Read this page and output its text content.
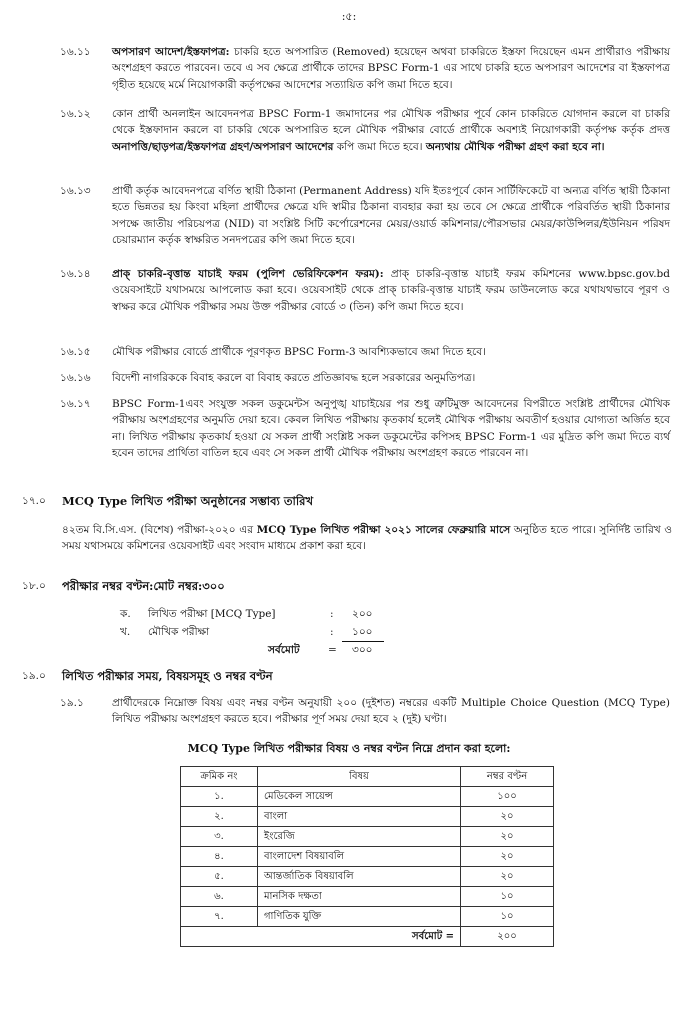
:৫:
১৬.১১	অপসারণ আদেশ/ইস্তফাপত্র: চাকরি হতে অপসারিত (Removed) হয়েছেন অথবা চাকরিতে ইস্তফা দিয়েছেন এমন প্রার্থীরাও পরীক্ষায় অংশগ্রহণ করতে পারবেন। তবে এ সব ক্ষেত্রে প্রার্থীকে তাদের BPSC Form-1 এর সাথে চাকরি হতে অপসারণ আদেশের বা ইস্তফাপত্র গৃহীত হয়েছে মর্মে নিয়োগকারী কর্তৃপক্ষের আদেশের সত্যায়িত কপি জমা দিতে হবে।
১৬.১২	কোন প্রার্থী অনলাইন আবেদনপত্র BPSC Form-1 জমাদানের পর মৌখিক পরীক্ষার পূর্বে কোন চাকরিতে যোগদান করলে বা চাকরি থেকে ইস্তফাদান করলে বা চাকরি থেকে অপসারিত হলে মৌখিক পরীক্ষার বোর্ডে প্রার্থীকে অবশ্যই নিয়োগকারী কর্তৃপক্ষ কর্তৃক প্রদত্ত অনাপত্তি/ছাড়পত্র/ইস্তফাপত্র গ্রহণ/অপসারণ আদেশের কপি জমা দিতে হবে। অন্যথায় মৌখিক পরীক্ষা গ্রহণ করা হবে না।
১৬.১৩	প্রার্থী কর্তৃক আবেদনপত্রে বর্ণিত স্থায়ী ঠিকানা (Permanent Address) যদি ইতঃপূর্বে কোন সার্টিফিকেটে বা অন্যত্র বর্ণিত স্থায়ী ঠিকানা হতে ভিন্নতর হয় কিংবা মহিলা প্রার্থীদের ক্ষেত্রে যদি স্বামীর ঠিকানা ব্যবহার করা হয় তবে সে ক্ষেত্রে প্রার্থীকে পরিবর্তিত স্থায়ী ঠিকানার সপক্ষে জাতীয় পরিচয়পত্র (NID) বা সংশ্লিষ্ট সিটি কর্পোরেশনের মেয়র/ওয়ার্ড কমিশনার/পৌরসভার মেয়র/কাউন্সিলর/ইউনিয়ন পরিষদ চেয়ারম্যান কর্তৃক স্বাক্ষরিত সনদপত্রের কপি জমা দিতে হবে।
১৬.১৪	প্রাক্ চাকরি-বৃত্তান্ত যাচাই ফরম (পুলিশ ভেরিফিকেশন ফরম): প্রাক্ চাকরি-বৃত্তান্ত যাচাই ফরম কমিশনের www.bpsc.gov.bd ওয়েবসাইটে যথাসময়ে আপলোড করা হবে। ওয়েবসাইট থেকে প্রাক্ চাকরি-বৃত্তান্ত যাচাই ফরম ডাউনলোড করে যথাযথভাবে পূরণ ও স্বাক্ষর করে মৌখিক পরীক্ষার সময় উক্ত পরীক্ষার বোর্ডে ৩ (তিন) কপি জমা দিতে হবে।
১৬.১৫	মৌখিক পরীক্ষার বোর্ডে প্রার্থীকে পূরণকৃত BPSC Form-3 আবশ্যিকভাবে জমা দিতে হবে।
১৬.১৬	বিদেশী নাগরিককে বিবাহ করলে বা বিবাহ করতে প্রতিজ্ঞাবদ্ধ হলে সরকারের অনুমতিপত্র।
১৬.১৭	BPSC Form-1এবং সংযুক্ত সকল ডকুমেন্টস অনুপুঙ্খ যাচাইয়ের পর শুধু ত্রুটিমুক্ত আবেদনের বিপরীতে সংশ্লিষ্ট প্রার্থীদের মৌখিক পরীক্ষায় অংশগ্রহণের অনুমতি দেয়া হবে। কেবল লিখিত পরীক্ষায় কৃতকার্য হলেই মৌখিক পরীক্ষায় অবতীর্ণ হওয়ার যোগ্যতা অর্জিত হবে না। লিখিত পরীক্ষায় কৃতকার্য হওয়া যে সকল প্রার্থী সংশ্লিষ্ট সকল ডকুমেন্টের কপিসহ BPSC Form-1 এর মুদ্রিত কপি জমা দিতে ব্যর্থ হবেন তাদের প্রার্থিতা বাতিল হবে এবং সে সকল প্রার্থী মৌখিক পরীক্ষায় অংশগ্রহণ করতে পারবেন না।
১৭.০	MCQ Type লিখিত পরীক্ষা অনুষ্ঠানের সম্ভাব্য তারিখ
৪২তম বি.সি.এস. (বিশেষ) পরীক্ষা-২০২০ এর MCQ Type লিখিত পরীক্ষা ২০২১ সালের ফেব্রুয়ারি মাসে অনুষ্ঠিত হতে পারে। সুনির্দিষ্ট তারিখ ও সময় যথাসময়ে কমিশনের ওয়েবসাইট এবং সংবাদ মাধ্যমে প্রকাশ করা হবে।
১৮.০	পরীক্ষার নম্বর বণ্টন:মোট নম্বর:৩০০
ক. লিখিত পরীক্ষা [MCQ Type]	: ২০০
খ. মৌখিক পরীক্ষা	: ১০০
সর্বমোট	= ৩০০
১৯.০	লিখিত পরীক্ষার সময়, বিষয়সমূহ ও নম্বর বণ্টন
১৯.১	প্রার্থীদেরকে নিম্নোক্ত বিষয় এবং নম্বর বণ্টন অনুযায়ী ২০০ (দুইশত) নম্বরের একটি Multiple Choice Question (MCQ Type) লিখিত পরীক্ষায় অংশগ্রহণ করতে হবে। পরীক্ষার পূর্ণ সময় দেয়া হবে ২ (দুই) ঘণ্টা।
MCQ Type লিখিত পরীক্ষার বিষয় ও নম্বর বণ্টন নিম্নে প্রদান করা হলো:
ক্রমিক নং	বিষয়	নম্বর বণ্টন
১.	মেডিকেল সায়েন্স	১০০
২.	বাংলা	২০
৩.	ইংরেজি	২০
৪.	বাংলাদেশ বিষয়াবলি	২০
৫.	আন্তর্জাতিক বিষয়াবলি	২০
৬.	মানসিক দক্ষতা	১০
৭.	গাণিতিক যুক্তি	১০
সর্বমোট =		২০০
